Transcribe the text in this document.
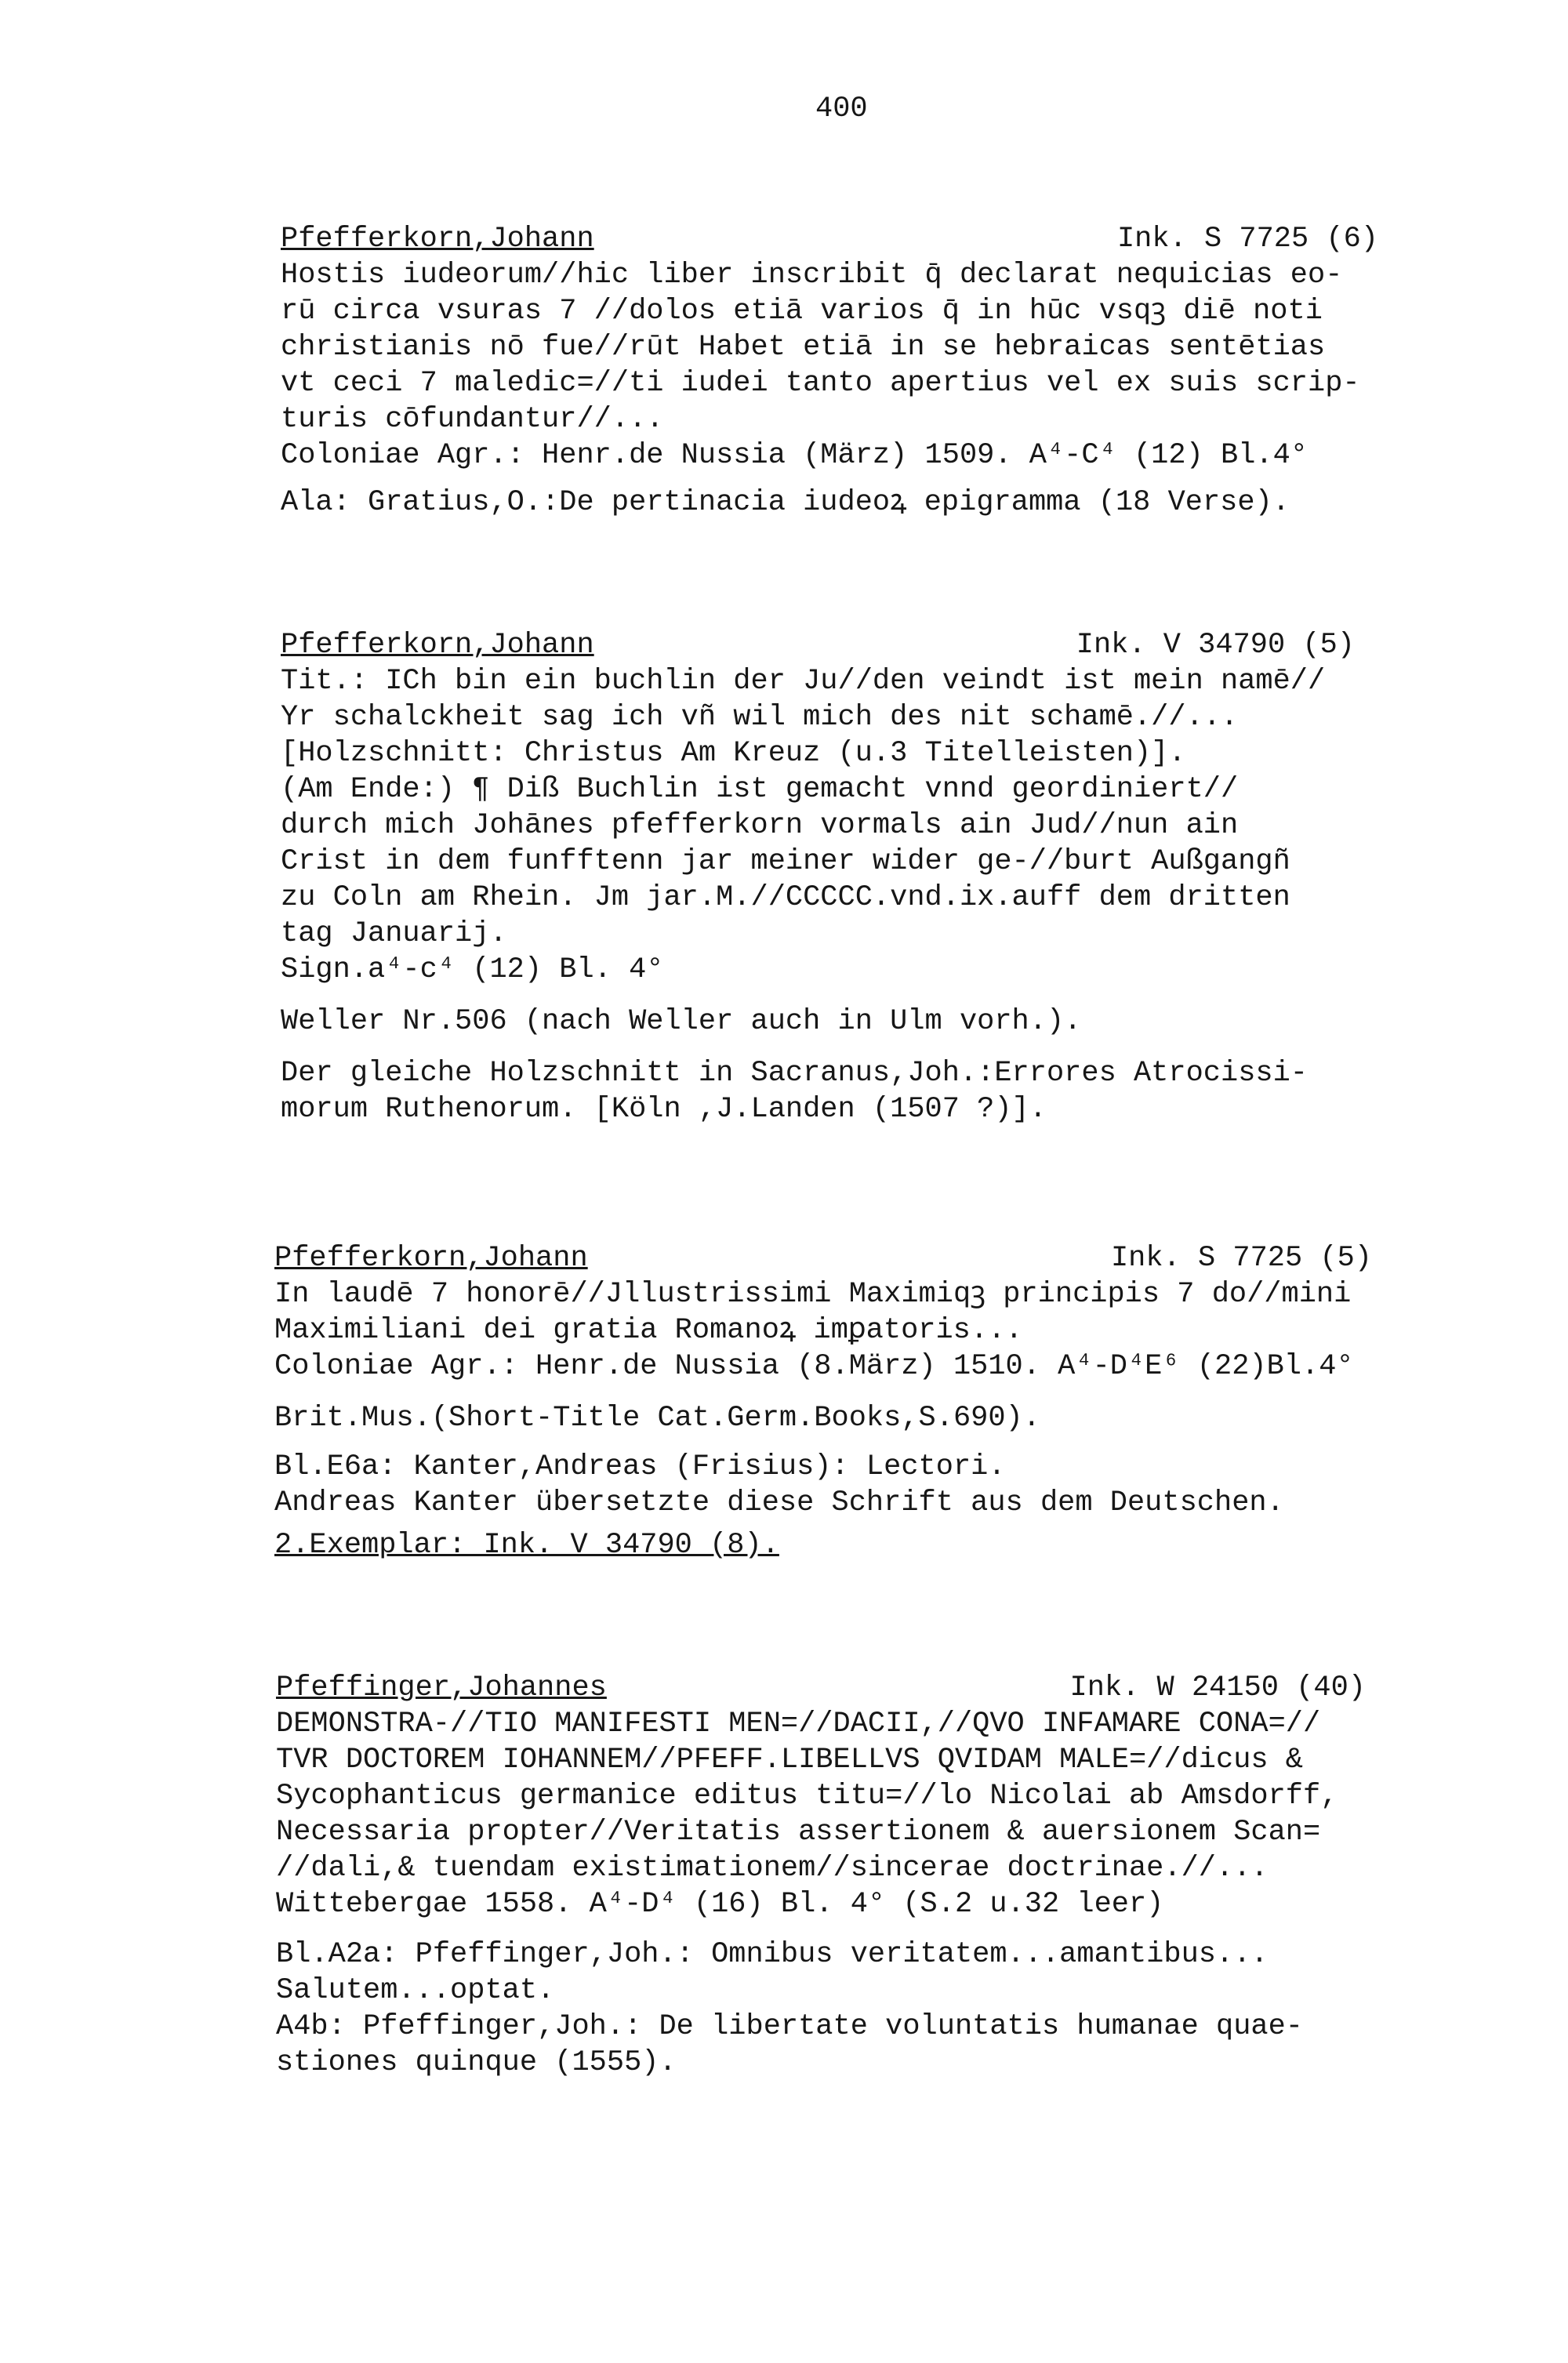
400
Pfefferkorn,Johann	Ink. S 7725 (6)
Hostis iudeorum//hic liber inscribit q̄ declarat nequicias eo-
rū circa vsuras 7 //dolos etiā varios q̄ in hūc vsqꝫ diē noti
christianis nō fue//rūt Habet etiā in se hebraicas sentētias
vt ceci 7 maledic=//ti iudei tanto apertius vel ex suis scrip-
turis cōfundantur//...
Coloniae Agr.: Henr.de Nussia (März) 1509. A⁴-C⁴ (12) Bl.4°
Ala: Gratius,O.:De pertinacia iudeoꝝ epigramma (18 Verse).
Pfefferkorn,Johann	Ink. V 34790 (5)
Tit.: ICh bin ein buchlin der Ju//den veindt ist mein namē//
Yr schalckheit sag ich vñ wil mich des nit schamē.//...
[Holzschnitt: Christus Am Kreuz (u.3 Titelleisten)].
(Am Ende:) ¶ Diß Buchlin ist gemacht vnnd geordiniert//
durch mich Johānes pfefferkorn vormals ain Jud//nun ain
Crist in dem funfftenn jar meiner wider ge-//burt Außgangñ
zu Coln am Rhein. Jm jar.M.//CCCCC.vnd.ix.auff dem dritten
tag Januarij.
Sign.a⁴-c⁴ (12) Bl. 4°
Weller Nr.506 (nach Weller auch in Ulm vorh.).
Der gleiche Holzschnitt in Sacranus,Joh.:Errores Atrocissi-
morum Ruthenorum. [Köln ,J.Landen (1507 ?)].
Pfefferkorn,Johann	Ink. S 7725 (5)
In laudē 7 honorē//Jllustrissimi Maximiqꝫ principis 7 do//mini
Maximiliani dei gratia Romanoꝝ imꝑatoris...
Coloniae Agr.: Henr.de Nussia (8.März) 1510. A⁴-D⁴E⁶ (22)Bl.4°
Brit.Mus.(Short-Title Cat.Germ.Books,S.690).
Bl.E6a: Kanter,Andreas (Frisius): Lectori.
Andreas Kanter übersetzte diese Schrift aus dem Deutschen.
2.Exemplar: Ink. V 34790 (8).
Pfeffinger,Johannes	Ink. W 24150 (40)
DEMONSTRA-//TIO MANIFESTI MEN=//DACII,//QVO INFAMARE CONA=//
TVR DOCTOREM IOHANNEM//PFEFF.LIBELLVS QVIDAM MALE=//dicus &
Sycophanticus germanice editus titu=//lo Nicolai ab Amsdorff,
Necessaria propter//Veritatis assertionem & auersionem Scan=
//dali,& tuendam existimationem//sincerae doctrinae.//...
Wittebergae 1558. A⁴-D⁴ (16) Bl. 4° (S.2 u.32 leer)
Bl.A2a: Pfeffinger,Joh.: Omnibus veritatem...amantibus...
Salutem...optat.
A4b: Pfeffinger,Joh.: De libertate voluntatis humanae quae-
stiones quinque (1555).
